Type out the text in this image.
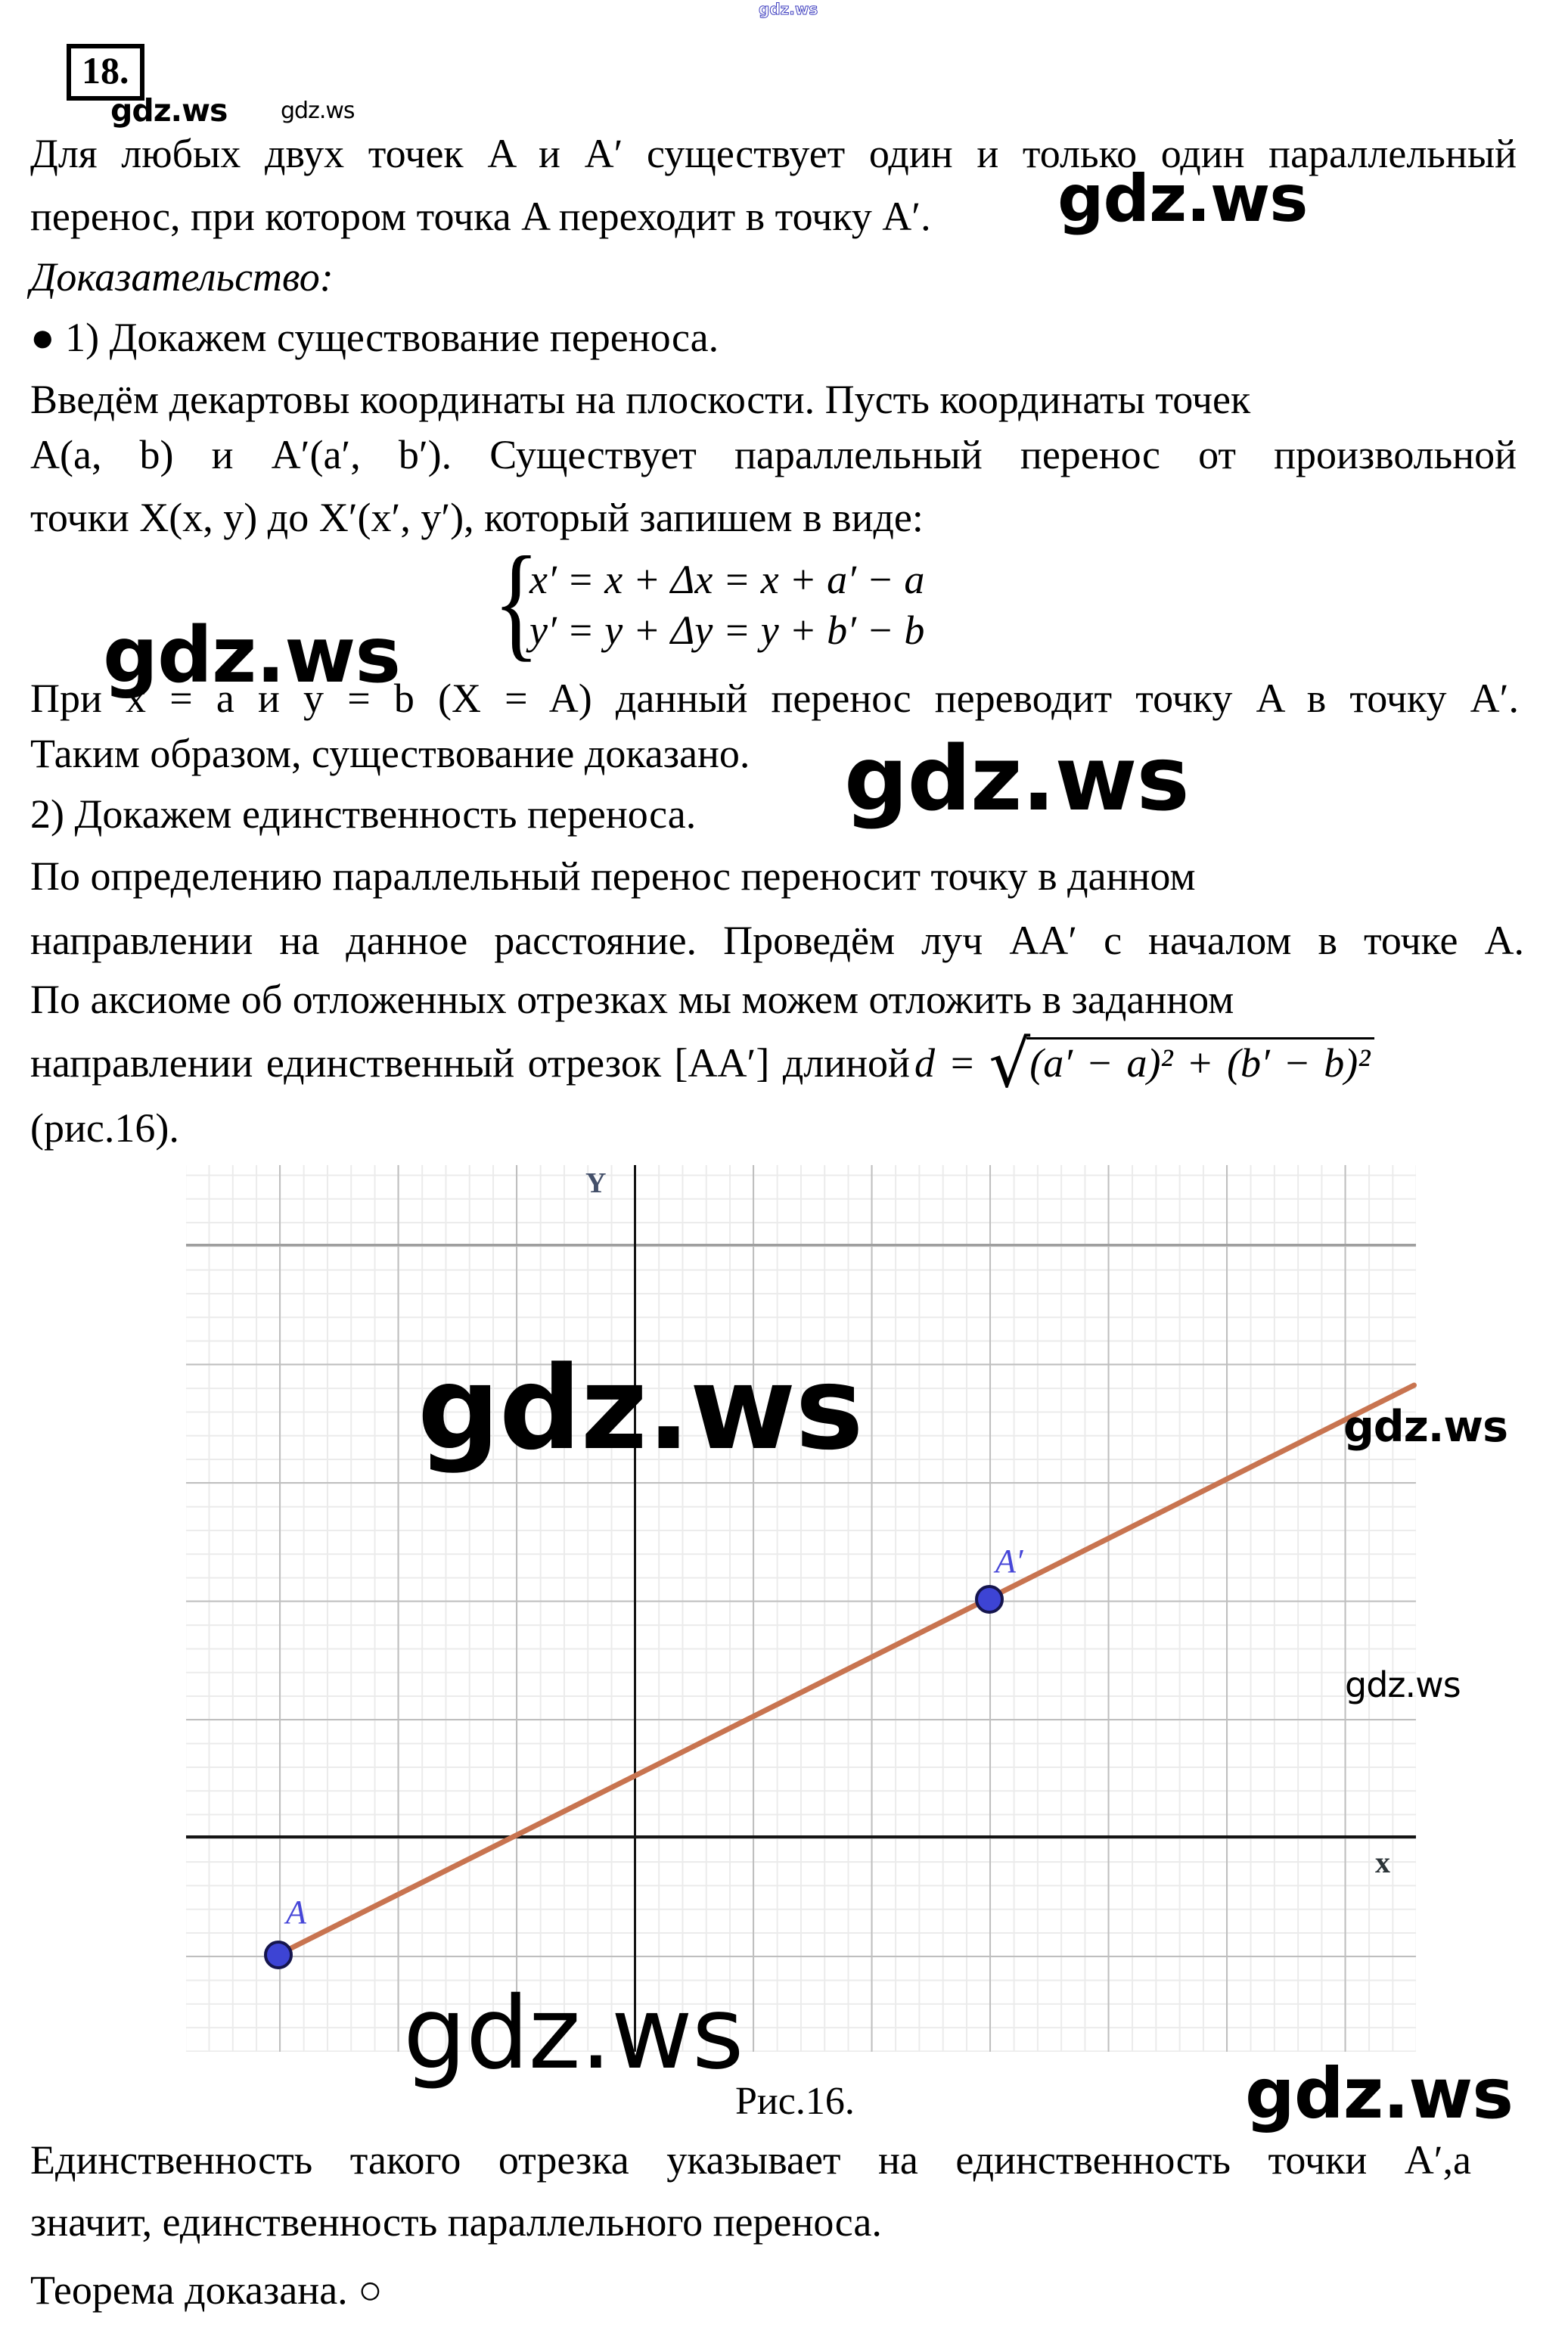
gdz.ws
18.
gdz.ws gdz.ws
Для любых двух точек A и A′ существует один и только один параллельный
перенос, при котором точка A переходит в точку A′. gdz.ws
Доказательство:
● 1) Докажем существование переноса.
Введём декартовы координаты на плоскости. Пусть координаты точек
A(a, b) и A′(a′, b′). Существует параллельный перенос от произвольной
точки X(x, y) до X′(x′, y′), который запишем в виде:
{
x′ = x + Δx = x + a′ − a
y′ = y + Δy = y + b′ − b
gdz.ws
При x = a и y = b (X = A) данный перенос переводит точку A в точку A′.
Таким образом, существование доказано. gdz.ws
2) Докажем единственность переноса.
По определению параллельный перенос переносит точку в данном
направлении на данное расстояние. Проведём луч AA′ с началом в точке A.
По аксиоме об отложенных отрезках мы можем отложить в заданном
направлении единственный отрезок [AA′] длиной d = √(a′ − a)² + (b′ − b)²
(рис.16).
A
A′
Y
x
gdz.ws	gdz.ws
gdz.ws
gdz.ws
gdz.ws
Рис.16.
Единственность такого отрезка указывает на единственность точки A′,а
значит, единственность параллельного переноса.
Теорема доказана. ○
